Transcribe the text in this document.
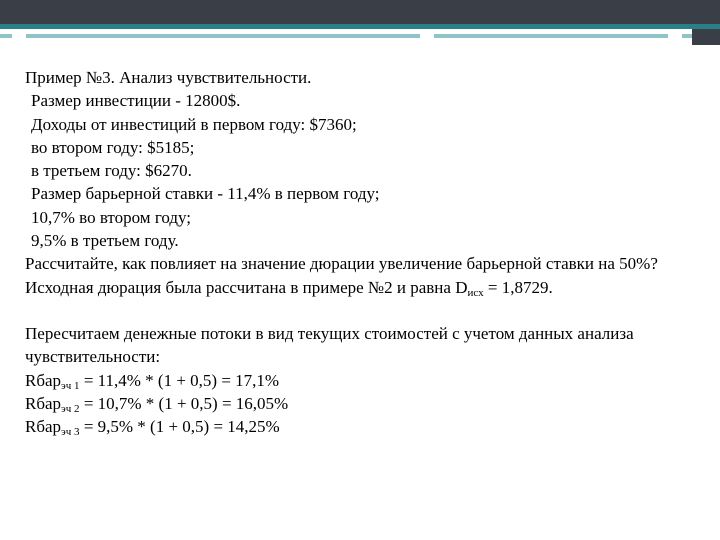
Пример №3. Анализ чувствительности.
Размер инвестиции - 12800$.
Доходы от инвестиций в первом году: $7360;
во втором году: $5185;
в третьем году: $6270.
Размер барьерной ставки - 11,4% в первом году;
10,7% во втором году;
9,5% в третьем году.
Рассчитайте, как повлияет на значение дюрации увеличение барьерной ставки на 50%?
Исходная дюрация была рассчитана в примере №2 и равна $D_{исх} = 1,8729$.
Пересчитаем денежные потоки в вид текущих стоимостей с учетом данных анализа чувствительности:
Rбар$_{эч 1}$ = 11,4% * (1 + 0,5) = 17,1%
Rбар$_{эч 2}$ = 10,7% * (1 + 0,5) = 16,05%
Rбар$_{эч 3}$ = 9,5% * (1 + 0,5) = 14,25%
